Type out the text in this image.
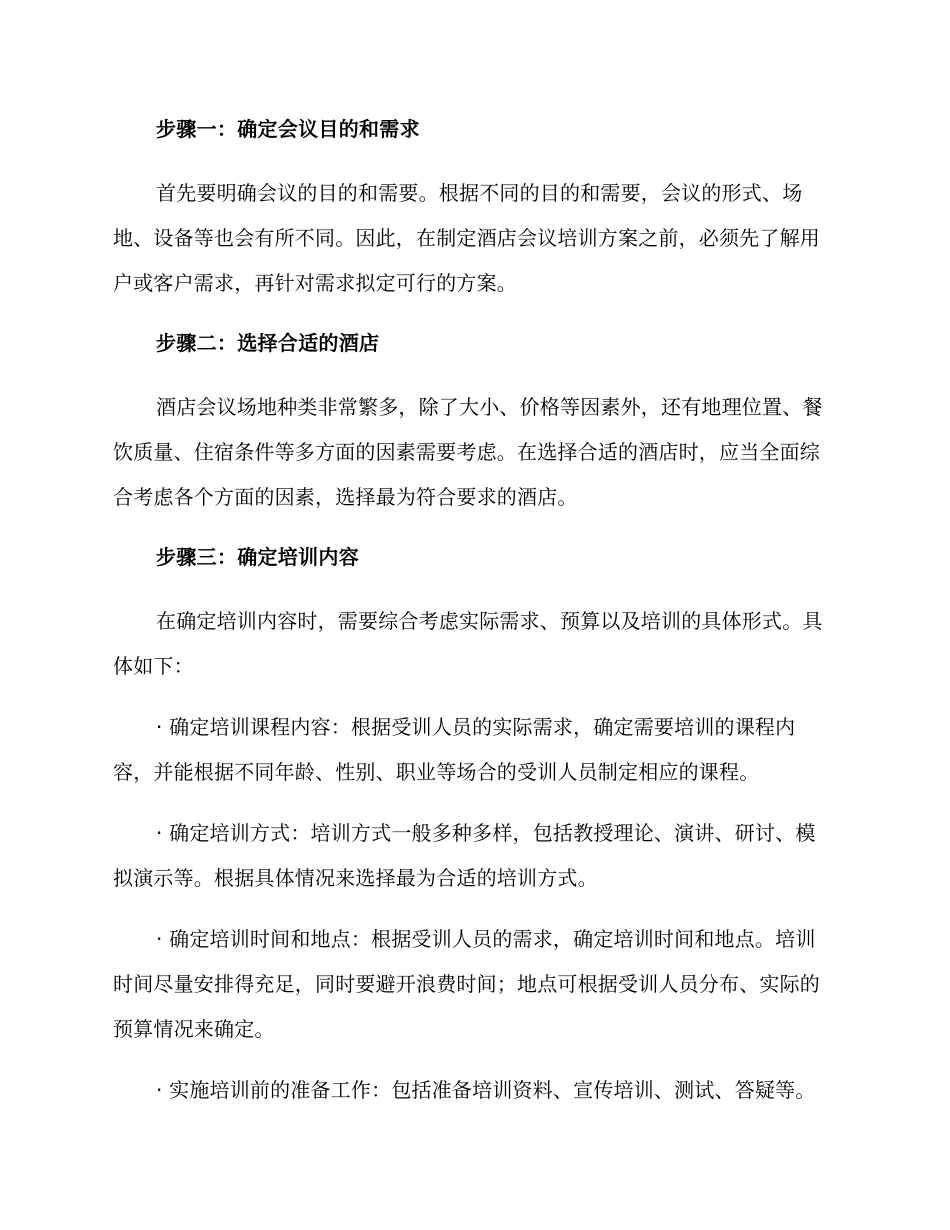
步骤一：确定会议目的和需求

首先要明确会议的目的和需要。根据不同的目的和需要，会议的形式、场地、设备等也会有所不同。因此，在制定酒店会议培训方案之前，必须先了解用户或客户需求，再针对需求拟定可行的方案。

步骤二：选择合适的酒店

酒店会议场地种类非常繁多，除了大小、价格等因素外，还有地理位置、餐饮质量、住宿条件等多方面的因素需要考虑。在选择合适的酒店时，应当全面综合考虑各个方面的因素，选择最为符合要求的酒店。

步骤三：确定培训内容

在确定培训内容时，需要综合考虑实际需求、预算以及培训的具体形式。具体如下：

· 确定培训课程内容：根据受训人员的实际需求，确定需要培训的课程内容，并能根据不同年龄、性别、职业等场合的受训人员制定相应的课程。

· 确定培训方式：培训方式一般多种多样，包括教授理论、演讲、研讨、模拟演示等。根据具体情况来选择最为合适的培训方式。

· 确定培训时间和地点：根据受训人员的需求，确定培训时间和地点。培训时间尽量安排得充足，同时要避开浪费时间；地点可根据受训人员分布、实际的预算情况来确定。

· 实施培训前的准备工作：包括准备培训资料、宣传培训、测试、答疑等。
